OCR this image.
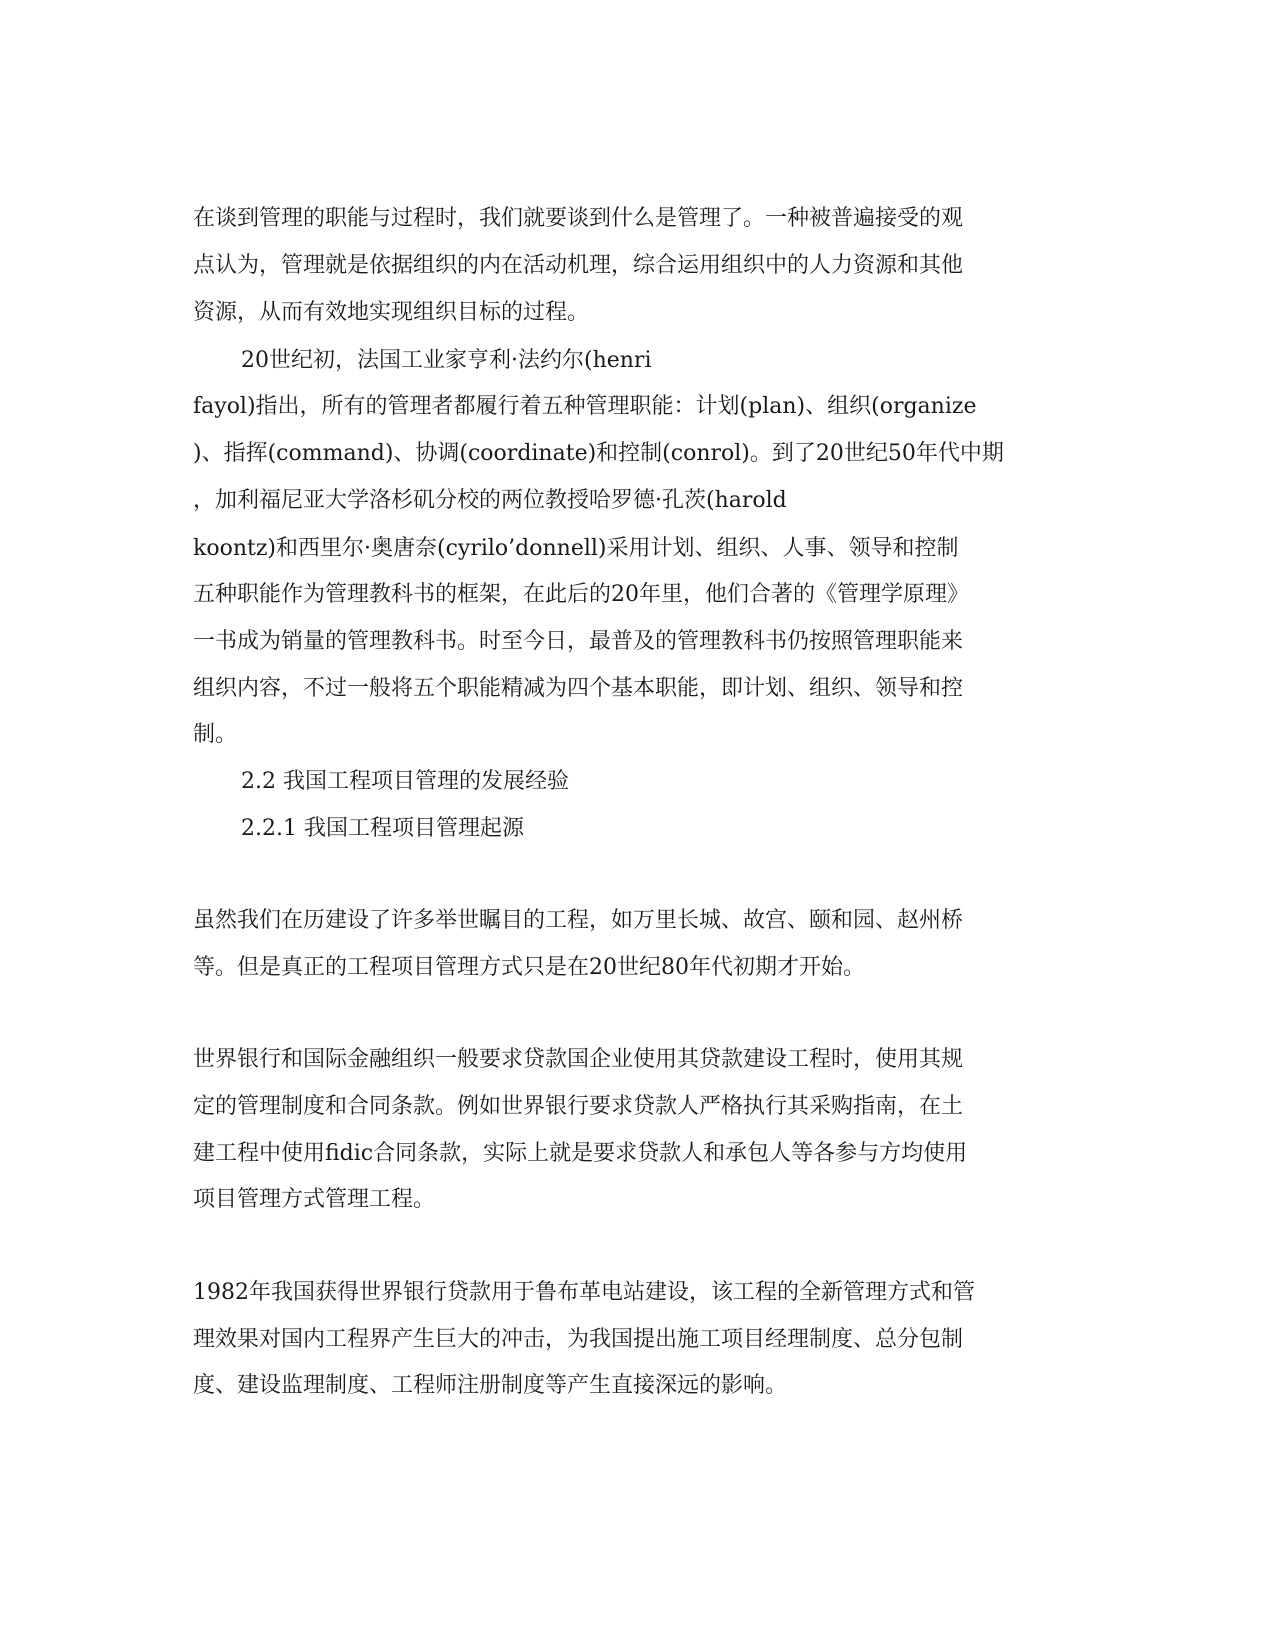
在谈到管理的职能与过程时，我们就要谈到什么是管理了。一种被普遍接受的观
点认为，管理就是依据组织的内在活动机理，综合运用组织中的人力资源和其他
资源，从而有效地实现组织目标的过程。
20世纪初，法国工业家亨利·法约尔(henri
fayol)指出，所有的管理者都履行着五种管理职能：计划(plan)、组织(organize
)、指挥(command)、协调(coordinate)和控制(conrol)。到了20世纪50年代中期
，加利福尼亚大学洛杉矶分校的两位教授哈罗德·孔茨(harold
koontz)和西里尔·奥唐奈(cyrilo’donnell)采用计划、组织、人事、领导和控制
五种职能作为管理教科书的框架，在此后的20年里，他们合著的《管理学原理》
一书成为销量的管理教科书。时至今日，最普及的管理教科书仍按照管理职能来
组织内容，不过一般将五个职能精减为四个基本职能，即计划、组织、领导和控
制。
2.2 我国工程项目管理的发展经验
2.2.1 我国工程项目管理起源
虽然我们在历建设了许多举世瞩目的工程，如万里长城、故宫、颐和园、赵州桥
等。但是真正的工程项目管理方式只是在20世纪80年代初期才开始。
世界银行和国际金融组织一般要求贷款国企业使用其贷款建设工程时，使用其规
定的管理制度和合同条款。例如世界银行要求贷款人严格执行其采购指南，在土
建工程中使用fidic合同条款，实际上就是要求贷款人和承包人等各参与方均使用
项目管理方式管理工程。
1982年我国获得世界银行贷款用于鲁布革电站建设，该工程的全新管理方式和管
理效果对国内工程界产生巨大的冲击，为我国提出施工项目经理制度、总分包制
度、建设监理制度、工程师注册制度等产生直接深远的影响。
